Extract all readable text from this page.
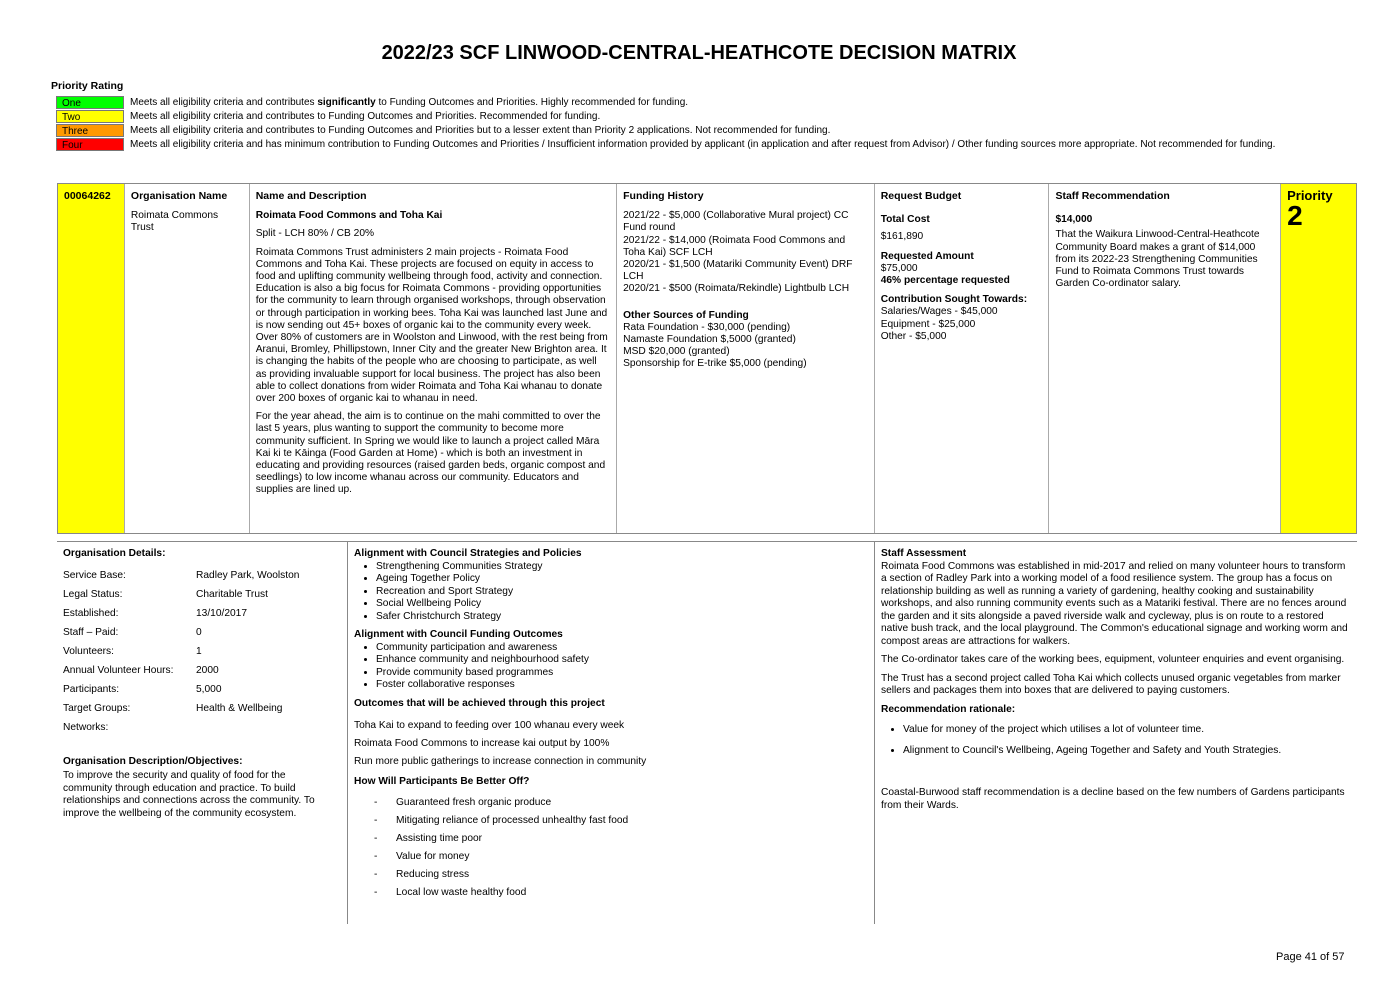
2022/23 SCF LINWOOD-CENTRAL-HEATHCOTE DECISION MATRIX
Priority Rating
One	Meets all eligibility criteria and contributes significantly to Funding Outcomes and Priorities. Highly recommended for funding.
Two	Meets all eligibility criteria and contributes to Funding Outcomes and Priorities. Recommended for funding.
Three	Meets all eligibility criteria and contributes to Funding Outcomes and Priorities but to a lesser extent than Priority 2 applications. Not recommended for funding.
Four	Meets all eligibility criteria and has minimum contribution to Funding Outcomes and Priorities / Insufficient information provided by applicant (in application and after request from Advisor) / Other funding sources more appropriate. Not recommended for funding.
00064262	Organisation Name
Roimata Commons Trust
Name and Description
Roimata Food Commons and Toha Kai
Split - LCH 80% / CB 20%
Roimata Commons Trust administers 2 main projects - Roimata Food Commons and Toha Kai. These projects are focused on equity in access to food and uplifting community wellbeing through food, activity and connection. Education is also a big focus for Roimata Commons - providing opportunities for the community to learn through organised workshops, through observation or through participation in working bees. Toha Kai was launched last June and is now sending out 45+ boxes of organic kai to the community every week. Over 80% of customers are in Woolston and Linwood, with the rest being from Aranui, Bromley, Phillipstown, Inner City and the greater New Brighton area. It is changing the habits of the people who are choosing to participate, as well as providing invaluable support for local business. The project has also been able to collect donations from wider Roimata and Toha Kai whanau to donate over 200 boxes of organic kai to whanau in need.
For the year ahead, the aim is to continue on the mahi committed to over the last 5 years, plus wanting to support the community to become more community sufficient. In Spring we would like to launch a project called Māra Kai ki te Kāinga (Food Garden at Home) - which is both an investment in educating and providing resources (raised garden beds, organic compost and seedlings) to low income whanau across our community. Educators and supplies are lined up.
Funding History
2021/22 - $5,000 (Collaborative Mural project) CC Fund round
2021/22 - $14,000 (Roimata Food Commons and Toha Kai) SCF LCH
2020/21 - $1,500 (Matariki Community Event) DRF LCH
2020/21 - $500 (Roimata/Rekindle) Lightbulb LCH
Other Sources of Funding
Rata Foundation - $30,000 (pending)
Namaste Foundation $,5000 (granted)
MSD $20,000 (granted)
Sponsorship for E-trike $5,000 (pending)
Request Budget
Total Cost
$161,890
Requested Amount
$75,000
46% percentage requested
Contribution Sought Towards:
Salaries/Wages - $45,000
Equipment - $25,000
Other - $5,000
Staff Recommendation
$14,000
That the Waikura Linwood-Central-Heathcote Community Board makes a grant of $14,000 from its 2022-23 Strengthening Communities Fund to Roimata Commons Trust towards Garden Co-ordinator salary.
Priority
2
Organisation Details:
Service Base:	Radley Park, Woolston
Legal Status:	Charitable Trust
Established:	13/10/2017
Staff – Paid:	0
Volunteers:	1
Annual Volunteer Hours:	2000
Participants:	5,000
Target Groups:	Health & Wellbeing
Networks:
Organisation Description/Objectives:
To improve the security and quality of food for the community through education and practice. To build relationships and connections across the community. To improve the wellbeing of the community ecosystem.
Alignment with Council Strategies and Policies
• Strengthening Communities Strategy
• Ageing Together Policy
• Recreation and Sport Strategy
• Social Wellbeing Policy
• Safer Christchurch Strategy
Alignment with Council Funding Outcomes
• Community participation and awareness
• Enhance community and neighbourhood safety
• Provide community based programmes
• Foster collaborative responses
Outcomes that will be achieved through this project
Toha Kai to expand to feeding over 100 whanau every week
Roimata Food Commons to increase kai output by 100%
Run more public gatherings to increase connection in community
How Will Participants Be Better Off?
- Guaranteed fresh organic produce
- Mitigating reliance of processed unhealthy fast food
- Assisting time poor
- Value for money
- Reducing stress
- Local low waste healthy food
Staff Assessment
Roimata Food Commons was established in mid-2017 and relied on many volunteer hours to transform a section of Radley Park into a working model of a food resilience system. The group has a focus on relationship building as well as running a variety of gardening, healthy cooking and sustainability workshops, and also running community events such as a Matariki festival. There are no fences around the garden and it sits alongside a paved riverside walk and cycleway, plus is on route to a restored native bush track, and the local playground. The Common's educational signage and working worm and compost areas are attractions for walkers.
The Co-ordinator takes care of the working bees, equipment, volunteer enquiries and event organising.
The Trust has a second project called Toha Kai which collects unused organic vegetables from marker sellers and packages them into boxes that are delivered to paying customers.
Recommendation rationale:
• Value for money of the project which utilises a lot of volunteer time.
• Alignment to Council's Wellbeing, Ageing Together and Safety and Youth Strategies.
Coastal-Burwood staff recommendation is a decline based on the few numbers of Gardens participants from their Wards.
Page 41 of 57
